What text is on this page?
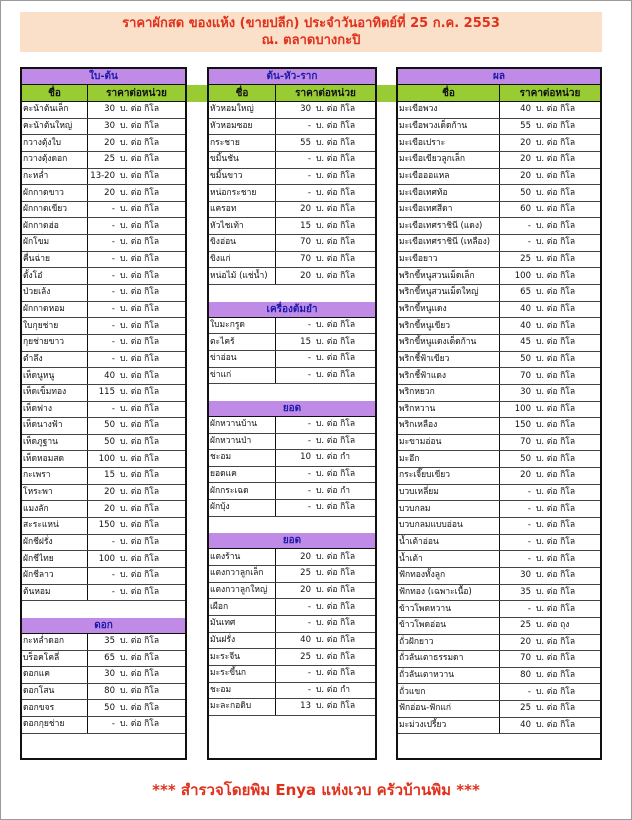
ราคาผักสด ของแห้ง (ขายปลีก) ประจำวันอาทิตย์ที่ 25 ก.ค. 2553
ณ. ตลาดบางกะปิ
ใบ-ต้น
ชื่อ	ราคาต่อหน่วย
คะน้าต้นเล็ก	30 บ. ต่อ กิโล
คะน้าต้นใหญ่	30 บ. ต่อ กิโล
กวางตุ้งใบ	20 บ. ต่อ กิโล
กวางตุ้งดอก	25 บ. ต่อ กิโล
กะหล่ำ	13-20 บ. ต่อ กิโล
ผักกาดขาว	20 บ. ต่อ กิโล
ผักกาดเขียว	- บ. ต่อ กิโล
ผักกาดฮ่อ	- บ. ต่อ กิโล
ผักโขม	- บ. ต่อ กิโล
คื่นฉ่าย	- บ. ต่อ กิโล
ตั้งโอ๋	- บ. ต่อ กิโล
ป่วยเล้ง	- บ. ต่อ กิโล
ผักกาดหอม	- บ. ต่อ กิโล
ใบกุยช่าย	- บ. ต่อ กิโล
กุยช่ายขาว	- บ. ต่อ กิโล
ตำลึง	- บ. ต่อ กิโล
เห็ดนูหนู	40 บ. ต่อ กิโล
เห็ดเข็มทอง	115 บ. ต่อ กิโล
เห็ดฟาง	- บ. ต่อ กิโล
เห็ดนางฟ้า	50 บ. ต่อ กิโล
เห็ดภูฐาน	50 บ. ต่อ กิโล
เห็ดหอมสด	100 บ. ต่อ กิโล
กะเพรา	15 บ. ต่อ กิโล
โหระพา	20 บ. ต่อ กิโล
แมงลัก	20 บ. ต่อ กิโล
สะระแหน่	150 บ. ต่อ กิโล
ผักชีฝรั่ง	- บ. ต่อ กิโล
ผักชีไทย	100 บ. ต่อ กิโล
ผักชีลาว	- บ. ต่อ กิโล
ต้นหอม	- บ. ต่อ กิโล
ดอก
กะหล่ำดอก	35 บ. ต่อ กิโล
บร็อคโคลี่	65 บ. ต่อ กิโล
ดอกแค	30 บ. ต่อ กิโล
ดอกโสน	80 บ. ต่อ กิโล
ดอกขจร	50 บ. ต่อ กิโล
ดอกกุยช่าย	- บ. ต่อ กิโล
ต้น-หัว-ราก
ชื่อ	ราคาต่อหน่วย
หัวหอมใหญ่	30 บ. ต่อ กิโล
หัวหอมซอย	- บ. ต่อ กิโล
กระชาย	55 บ. ต่อ กิโล
ขมิ้นชัน	- บ. ต่อ กิโล
ขมิ้นขาว	- บ. ต่อ กิโล
หน่อกระชาย	- บ. ต่อ กิโล
แครอท	20 บ. ต่อ กิโล
หัวไชเท้า	15 บ. ต่อ กิโล
ขิงอ่อน	70 บ. ต่อ กิโล
ขิงแก่	70 บ. ต่อ กิโล
หน่อไม้ (แช่น้ำ)	20 บ. ต่อ กิโล
เครื่องต้มยำ
ใบมะกรูด	- บ. ต่อ กิโล
ตะไคร้	15 บ. ต่อ กิโล
ข่าอ่อน	- บ. ต่อ กิโล
ข่าแก่	- บ. ต่อ กิโล
ยอด
ผักหวานบ้าน	- บ. ต่อ กิโล
ผักหวานป่า	- บ. ต่อ กิโล
ชะอม	10 บ. ต่อ กำ
ยอดแค	- บ. ต่อ กิโล
ผักกระเฉด	- บ. ต่อ กำ
ผักบุ้ง	- บ. ต่อ กิโล
ยอด
แตงร้าน	20 บ. ต่อ กิโล
แตงกวาลูกเล็ก	25 บ. ต่อ กิโล
แตงกวาลูกใหญ่	20 บ. ต่อ กิโล
เผือก	- บ. ต่อ กิโล
มันเทศ	- บ. ต่อ กิโล
มันฝรั่ง	40 บ. ต่อ กิโล
มะระจีน	25 บ. ต่อ กิโล
มะระขี้นก	- บ. ต่อ กิโล
ชะอม	- บ. ต่อ กำ
มะละกอดิบ	13 บ. ต่อ กิโล
ผล
ชื่อ	ราคาต่อหน่วย
มะเขือพวง	40 บ. ต่อ กิโล
มะเขือพวงเด็ดก้าน	55 บ. ต่อ กิโล
มะเขือเปราะ	20 บ. ต่อ กิโล
มะเขือเขียวลูกเล็ก	20 บ. ต่อ กิโล
มะเขือออแหล	20 บ. ต่อ กิโล
มะเขือเทศท้อ	50 บ. ต่อ กิโล
มะเขือเทศสีดา	60 บ. ต่อ กิโล
มะเขือเทศราชินี (แดง)	- บ. ต่อ กิโล
มะเขือเทศราชินี (เหลือง)	- บ. ต่อ กิโล
มะเขือยาว	25 บ. ต่อ กิโล
พริกขี้หนูสวนเม็ดเล็ก	100 บ. ต่อ กิโล
พริกขี้หนูสวนเม็ดใหญ่	65 บ. ต่อ กิโล
พริกขี้หนูแดง	40 บ. ต่อ กิโล
พริกขี้หนูเขียว	40 บ. ต่อ กิโล
พริกขี้หนูแดงเด็ดก้าน	45 บ. ต่อ กิโล
พริกชี้ฟ้าเขียว	50 บ. ต่อ กิโล
พริกชี้ฟ้าแดง	70 บ. ต่อ กิโล
พริกหยวก	30 บ. ต่อ กิโล
พริกหวาน	100 บ. ต่อ กิโล
พริกเหลือง	150 บ. ต่อ กิโล
มะขามอ่อน	70 บ. ต่อ กิโล
มะอึก	50 บ. ต่อ กิโล
กระเจี๊ยบเขียว	20 บ. ต่อ กิโล
บวบเหลี่ยม	- บ. ต่อ กิโล
บวบกลม	- บ. ต่อ กิโล
บวบกลมแบบอ่อน	- บ. ต่อ กิโล
น้ำเต้าอ่อน	- บ. ต่อ กิโล
น้ำเต้า	- บ. ต่อ กิโล
ฟักทองทั้งลูก	30 บ. ต่อ กิโล
ฟักทอง (เฉพาะเนื้อ)	35 บ. ต่อ กิโล
ข้าวโพดหวาน	- บ. ต่อ กิโล
ข้าวโพดอ่อน	25 บ. ต่อ ถุง
ถั่วฝักยาว	20 บ. ต่อ กิโล
ถั่วลันเตาธรรมดา	70 บ. ต่อ กิโล
ถั่วลันเตาหวาน	80 บ. ต่อ กิโล
ถั่วแขก	- บ. ต่อ กิโล
ฟักอ่อน-ฟักแก่	25 บ. ต่อ กิโล
มะม่วงเปรี้ยว	40 บ. ต่อ กิโล
*** สำรวจโดยพิม Enya แห่งเวบ ครัวบ้านพิม ***
